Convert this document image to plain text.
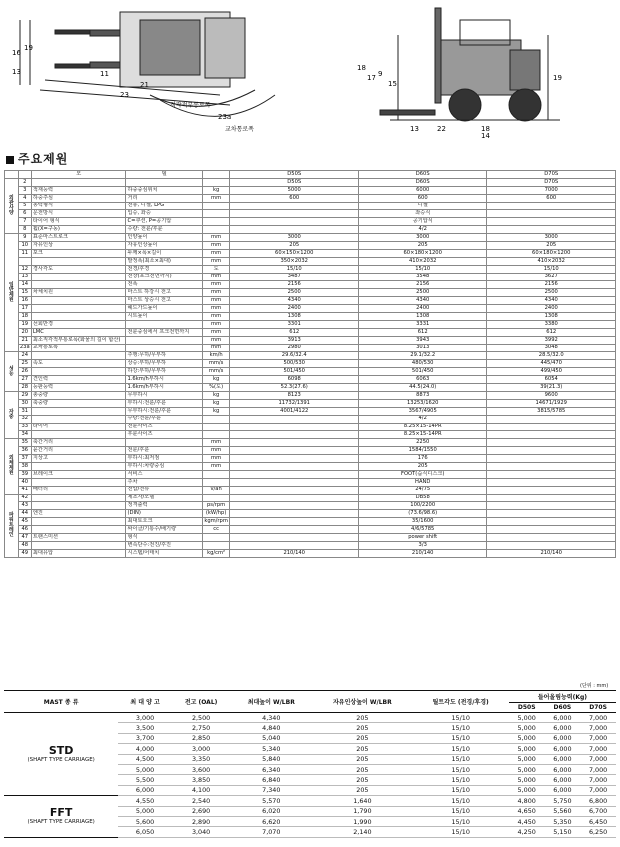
16
19
13	11
21
23
23a
직각적부통로폭
교차통로폭
18
17 9
15
19
13	22	18
14
주요제원
		모	델		D50S	D60S	D70S
외 관 사 양	2				D50S	D60S	D70S
	3	적재능력	하중중심위치	kg	5000	6000	7000
	4	하중주심	거리	mm	600	600	600
	5	동력형식	전동, 디젤, LPG			디젤	
	6	운전방식	입승, 좌승			좌승식	
	7	타이어 형식	C=쿠션, P=공기압			공기압식	
	8	휠(X=구동)	수량: 전륜/후륜			4/2	
일 반 제 원	9	표준마스트로크	인양높이	mm	3000	3000	3000
	10	자유인상	자유인상높이	mm	205	205	205
	11	포크	두께×폭×길이	mm	60×150×1200	60×180×1200	60×180×1200
			발정폭(최소×최대)	mm	350×2032	410×2032	410×2032
	12	경사각도	전경/후경	도	15/10	15/10	15/10
	13		전장(포크전면까지)	mm	3487	3548	3627
	14		전폭	mm	2156	2156	2156
	15	차체치원	마스트 하강시 전고	mm	2500	2500	2500
	16		마스트 상승시 전고	mm	4340	4340	4340
	17		헤드가드높이	mm	2400	2400	2400
	18		시트높이	mm	1308	1308	1308
	19	선회반경		mm	3301	3331	3380
	20	LMC	전륜중심에서 프크전면까지	mm	612	612	612
	21	최소직각적부통로폭(화물의 길이 합산)		mm	3913	3943	3992
	23a	교차통로폭		mm	2980	3013	3048
성 능	24		주행:무하/무부하	km/h	29.6/32.4	29.1/32.2	28.5/32.0
	25	속도	상승:부하/무부하	mm/s	500/530	480/530	445/470
	26		하강:부하/무부하	mm/s	501/450	501/450	499/450
	27	견인력	1.6km/h부하시	kg	6098	6063	6054
	28	등판능력	1.6km/h부하시	%(도)	52.3(27.6)	44.5(24.0)	39(21.3)
자 중	29	총중량	무부하시	kg	8123	8873	9600
	30	축중량	부하시:전륜/후륜	kg	11732/1391	13253/1620	14671/1929
	31		무부하시:전륜/후륜	kg	4001/4122	3567/4905	3815/5785
	32		수량:전륜/후륜			4/2	
	33	타이어	전륜사이즈			8.25×15-14PR	
	34		후륜사이즈			8.25×15-14PR	
외 체 제 원	35	축간거리		mm		2250	
	36	윤간거리	전륜/후륜	mm		1584/1550	
	37	지상고	부하시:최저점	mm		176	
	38		부하시:차량중심	mm		205	
	39	브레이크	서비스			FOOT(습식디스크)	
	40		주차			HAND	
	41	배터리	전압/전류	v/ah		24/75	
파 워 트 레 인	42		제조자/모델			DB58	
	43		정격출력	ps/rpm		100/2200	
	44	엔진	(DIN)	(kW/hp)		(73.6/98.6)	
	45		최대토오크	kgm/rpm		35/1600	
	46		싸이클/기통수/배기량	cc		4/6/5785	
	47	트랜스미션	형식			power shift	
	48		변속단수:전진/후진			3/3	
	49	최대유압	시스템/어태치	kg/cm²	210/140	210/140	210/140
(단위 : mm)
MAST 종 류	최 대 양 고	전고 (OAL)	최대높이 W/LBR	자유인상높이 W/LBR	틸트각도 (전경/후경)	들어올림능력(Kg)		
						D50S	D60S	D70S
STD
(SHAFT TYPE CARRIAGE)	3,000	2,500	4,340	205	15/10	5,000	6,000	7,000
	3,500	2,750	4,840	205	15/10	5,000	6,000	7,000
	3,700	2,850	5,040	205	15/10	5,000	6,000	7,000
	4,000	3,000	5,340	205	15/10	5,000	6,000	7,000
	4,500	3,350	5,840	205	15/10	5,000	6,000	7,000
	5,000	3,600	6,340	205	15/10	5,000	6,000	7,000
	5,500	3,850	6,840	205	15/10	5,000	6,000	7,000
	6,000	4,100	7,340	205	15/10	5,000	6,000	7,000
FFT
(SHAFT TYPE CARRIAGE)	4,550	2,540	5,570	1,640	15/10	4,800	5,750	6,800
	5,000	2,690	6,020	1,790	15/10	4,650	5,560	6,700
	5,600	2,890	6,620	1,990	15/10	4,450	5,350	6,450
	6,050	3,040	7,070	2,140	15/10	4,250	5,150	6,250
